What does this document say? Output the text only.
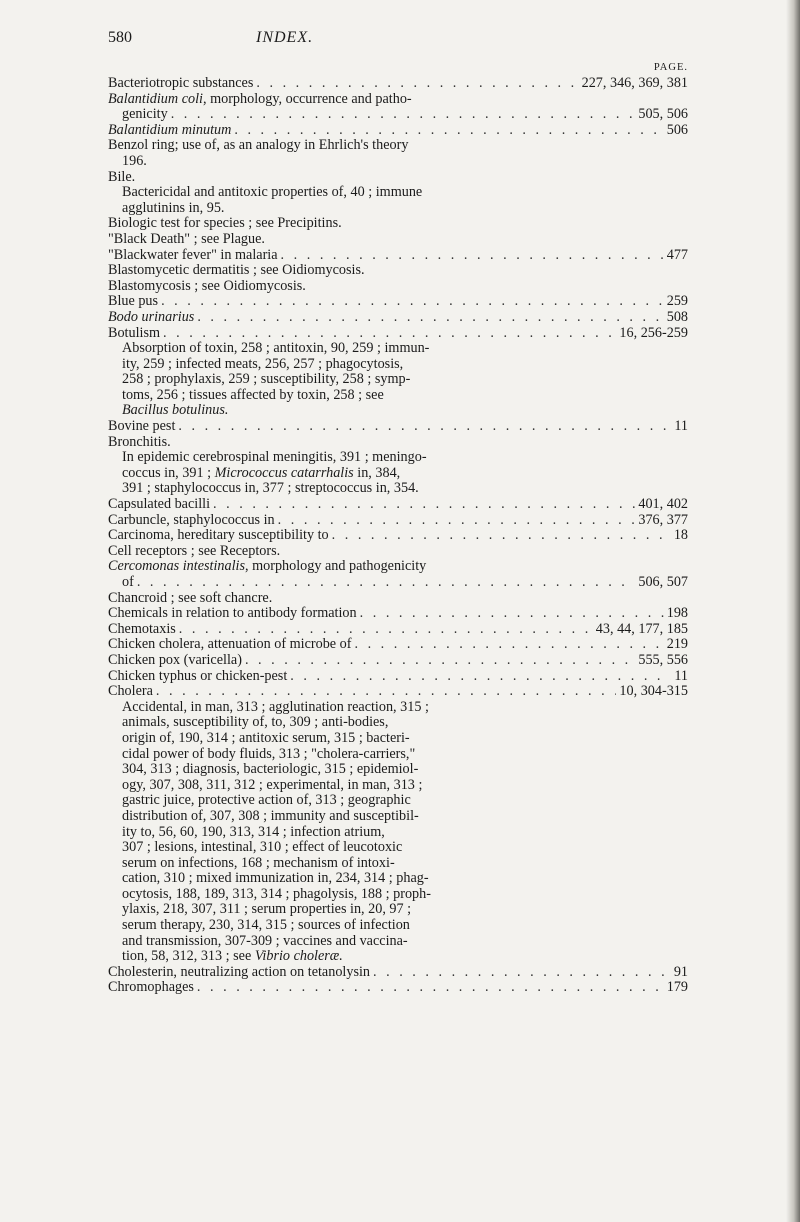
580	INDEX.
PAGE.
Bacteriotropic substances . . .	227, 346, 369, 381
Balantidium coli, morphology, occurrence and patho-
genicity . . .	505, 506
Balantidium minutum . . .	506
Benzol ring; use of, as an analogy in Ehrlich's theory
196.
Bile.
Bactericidal and antitoxic properties of, 40 ; immune
agglutinins in, 95.
Biologic test for species ; see Precipitins.
"Black Death" ; see Plague.
"Blackwater fever" in malaria . . .	477
Blastomycetic dermatitis ; see Oidiomycosis.
Blastomycosis ; see Oidiomycosis.
Blue pus . . .	259
Bodo urinarius . . .	508
Botulism . . .	16, 256-259
Absorption of toxin, 258 ; antitoxin, 90, 259 ; immun-
ity, 259 ; infected meats, 256, 257 ; phagocytosis,
258 ; prophylaxis, 259 ; susceptibility, 258 ; symp-
toms, 256 ; tissues affected by toxin, 258 ; see
Bacillus botulinus.
Bovine pest . . .	11
Bronchitis.
In epidemic cerebrospinal meningitis, 391 ; meningo-
coccus in, 391 ; Micrococcus catarrhalis in, 384,
391 ; staphylococcus in, 377 ; streptococcus in, 354.
Capsulated bacilli . . .	401, 402
Carbuncle, staphylococcus in . . .	376, 377
Carcinoma, hereditary susceptibility to . . .	18
Cell receptors ; see Receptors.
Cercomonas intestinalis, morphology and pathogenicity
of . . .	506, 507
Chancroid ; see soft chancre.
Chemicals in relation to antibody formation . . .	198
Chemotaxis . . .	43, 44, 177, 185
Chicken cholera, attenuation of microbe of . . .	219
Chicken pox (varicella) . . .	555, 556
Chicken typhus or chicken-pest . . .	11
Cholera . . .	10, 304-315
Accidental, in man, 313 ; agglutination reaction, 315 ;
animals, susceptibility of, to, 309 ; anti-bodies,
origin of, 190, 314 ; antitoxic serum, 315 ; bacteri-
cidal power of body fluids, 313 ; "cholera-carriers,"
304, 313 ; diagnosis, bacteriologic, 315 ; epidemiol-
ogy, 307, 308, 311, 312 ; experimental, in man, 313 ;
gastric juice, protective action of, 313 ; geographic
distribution of, 307, 308 ; immunity and susceptibil-
ity to, 56, 60, 190, 313, 314 ; infection atrium,
307 ; lesions, intestinal, 310 ; effect of leucotoxic
serum on infections, 168 ; mechanism of intoxi-
cation, 310 ; mixed immunization in, 234, 314 ; phag-
ocytosis, 188, 189, 313, 314 ; phagolysis, 188 ; proph-
ylaxis, 218, 307, 311 ; serum properties in, 20, 97 ;
serum therapy, 230, 314, 315 ; sources of infection
and transmission, 307-309 ; vaccines and vaccina-
tion, 58, 312, 313 ; see Vibrio choleræ.
Cholesterin, neutralizing action on tetanolysin . . .	91
Chromophages . . .	179
